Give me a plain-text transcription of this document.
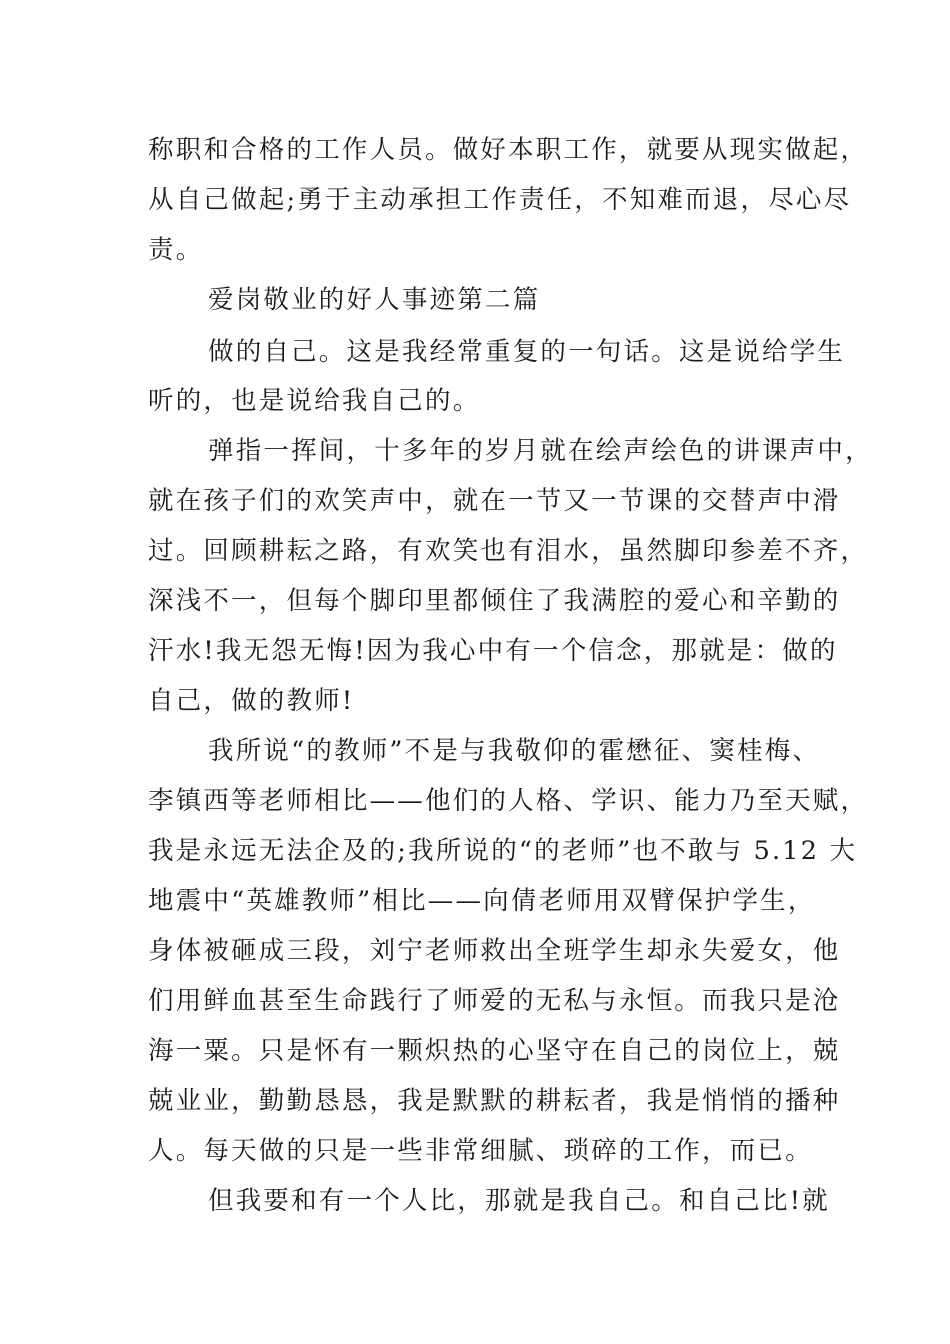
称职和合格的工作人员。做好本职工作，就要从现实做起，
从自己做起;勇于主动承担工作责任，不知难而退，尽心尽
责。
爱岗敬业的好人事迹第二篇
做的自己。这是我经常重复的一句话。这是说给学生
听的，也是说给我自己的。
弹指一挥间，十多年的岁月就在绘声绘色的讲课声中，
就在孩子们的欢笑声中，就在一节又一节课的交替声中滑
过。回顾耕耘之路，有欢笑也有泪水，虽然脚印参差不齐，
深浅不一，但每个脚印里都倾住了我满腔的爱心和辛勤的
汗水!我无怨无悔!因为我心中有一个信念，那就是：做的
自己，做的教师!
我所说“的教师”不是与我敬仰的霍懋征、窦桂梅、
李镇西等老师相比——他们的人格、学识、能力乃至天赋，
我是永远无法企及的;我所说的“的老师”也不敢与 5.12 大
地震中“英雄教师”相比——向倩老师用双臂保护学生，
身体被砸成三段，刘宁老师救出全班学生却永失爱女，他
们用鲜血甚至生命践行了师爱的无私与永恒。而我只是沧
海一粟。只是怀有一颗炽热的心坚守在自己的岗位上，兢
兢业业，勤勤恳恳，我是默默的耕耘者，我是悄悄的播种
人。每天做的只是一些非常细腻、琐碎的工作，而已。
但我要和有一个人比，那就是我自己。和自己比!就
